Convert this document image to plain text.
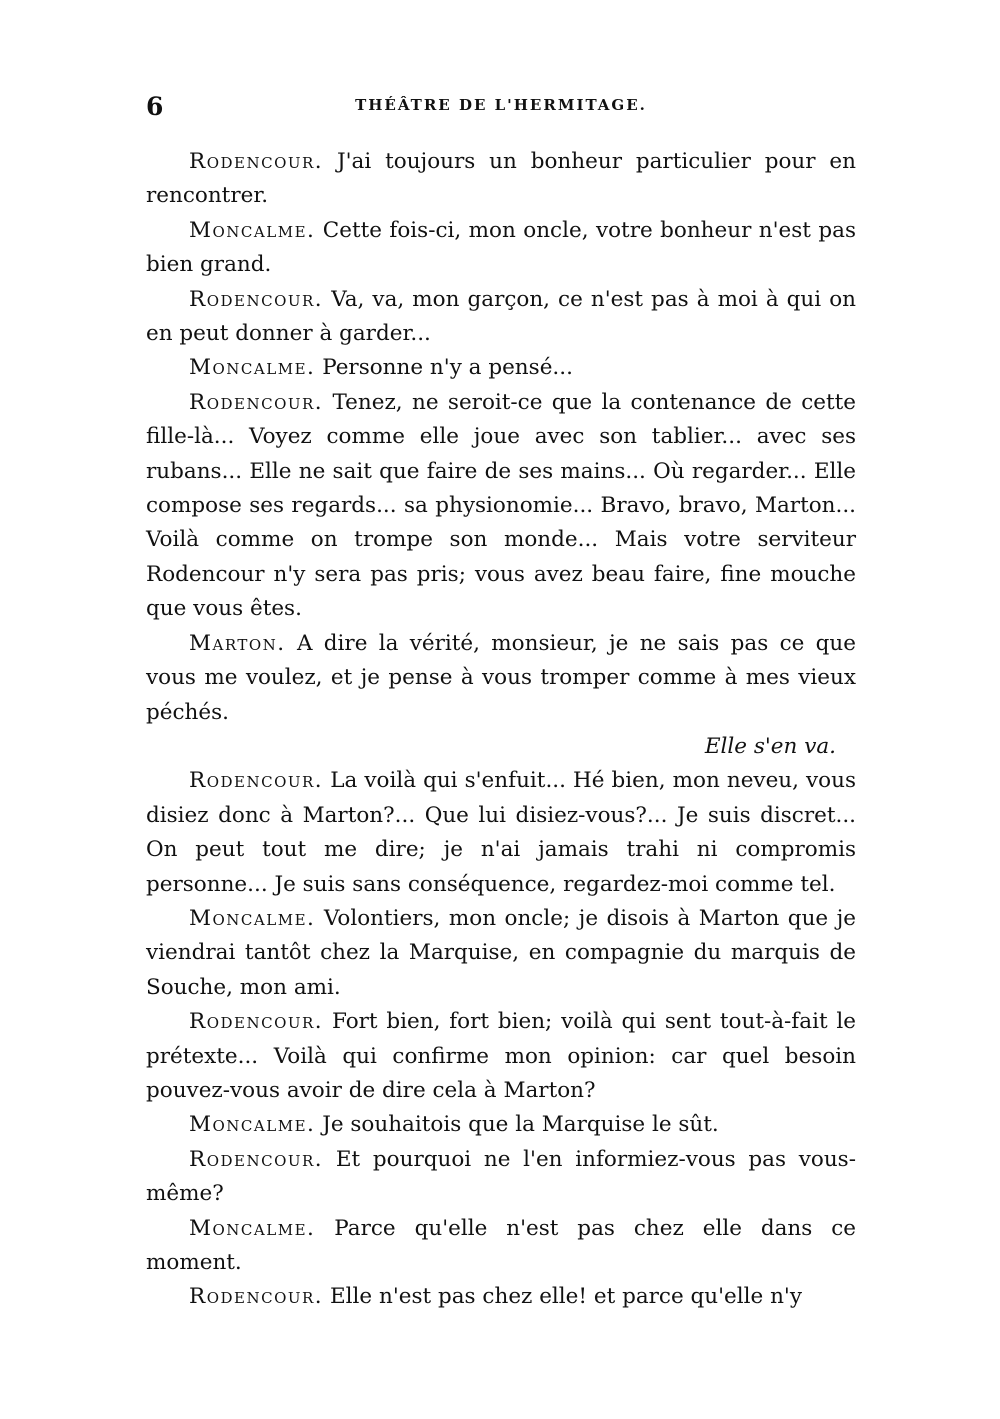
6	THÉÂTRE DE L'HERMITAGE.

Rodencour. J'ai toujours un bonheur particulier pour en rencontrer.

Moncalme. Cette fois-ci, mon oncle, votre bonheur n'est pas bien grand.

Rodencour. Va, va, mon garçon, ce n'est pas à moi à qui on en peut donner à garder...

Moncalme. Personne n'y a pensé...

Rodencour. Tenez, ne seroit-ce que la contenance de cette fille-là... Voyez comme elle joue avec son tablier... avec ses rubans... Elle ne sait que faire de ses mains... Où regarder... Elle compose ses regards... sa physionomie... Bravo, bravo, Marton... Voilà comme on trompe son monde... Mais votre serviteur Rodencour n'y sera pas pris; vous avez beau faire, fine mouche que vous êtes.

Marton. A dire la vérité, monsieur, je ne sais pas ce que vous me voulez, et je pense à vous tromper comme à mes vieux péchés.

Elle s'en va.

Rodencour. La voilà qui s'enfuit... Hé bien, mon neveu, vous disiez donc à Marton?... Que lui disiez-vous?... Je suis discret... On peut tout me dire; je n'ai jamais trahi ni compromis personne... Je suis sans conséquence, regardez-moi comme tel.

Moncalme. Volontiers, mon oncle; je disois à Marton que je viendrai tantôt chez la Marquise, en compagnie du marquis de Souche, mon ami.

Rodencour. Fort bien, fort bien; voilà qui sent tout-à-fait le prétexte... Voilà qui confirme mon opinion: car quel besoin pouvez-vous avoir de dire cela à Marton?

Moncalme. Je souhaitois que la Marquise le sût.

Rodencour. Et pourquoi ne l'en informiez-vous pas vous-même?

Moncalme. Parce qu'elle n'est pas chez elle dans ce moment.

Rodencour. Elle n'est pas chez elle! et parce qu'elle n'y
